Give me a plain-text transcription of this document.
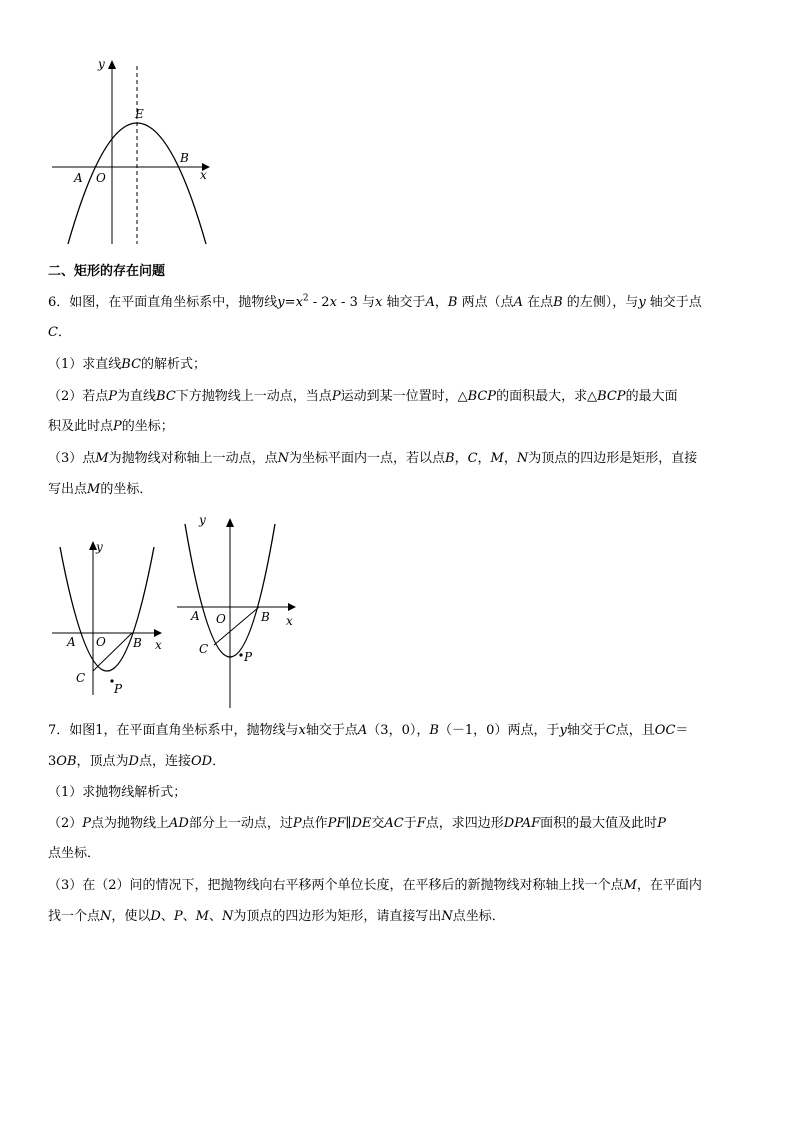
y
x
E
B
A O
二、矩形的存在问题
6．如图，在平面直角坐标系中，抛物线$y=x^2 - 2x - 3$ 与x 轴交于A，B 两点（点A 在点B 的左侧），与y 轴交于点
C．
（1）求直线BC的解析式；
（2）若点P为直线BC下方抛物线上一动点，当点P运动到某一位置时，△BCP的面积最大，求△BCP的最大面
积及此时点P的坐标；
（3）点M为抛物线对称轴上一动点，点N为坐标平面内一点，若以点B，C，M，N为顶点的四边形是矩形，直接
写出点M的坐标．
y
x
A O B
C
P
y
x
A O	B
C
P
7．如图1，在平面直角坐标系中，抛物线与x轴交于点A（3，0），B（－1，0）两点，于y轴交于C点，且OC＝
3OB，顶点为D点，连接OD．
（1）求抛物线解析式；
（2）P点为抛物线上AD部分上一动点，过P点作PF∥DE交AC于F点，求四边形DPAF面积的最大值及此时P
点坐标．
（3）在（2）问的情况下，把抛物线向右平移两个单位长度，在平移后的新抛物线对称轴上找一个点M，在平面内
找一个点N，使以D、P、M、N为顶点的四边形为矩形，请直接写出N点坐标．
